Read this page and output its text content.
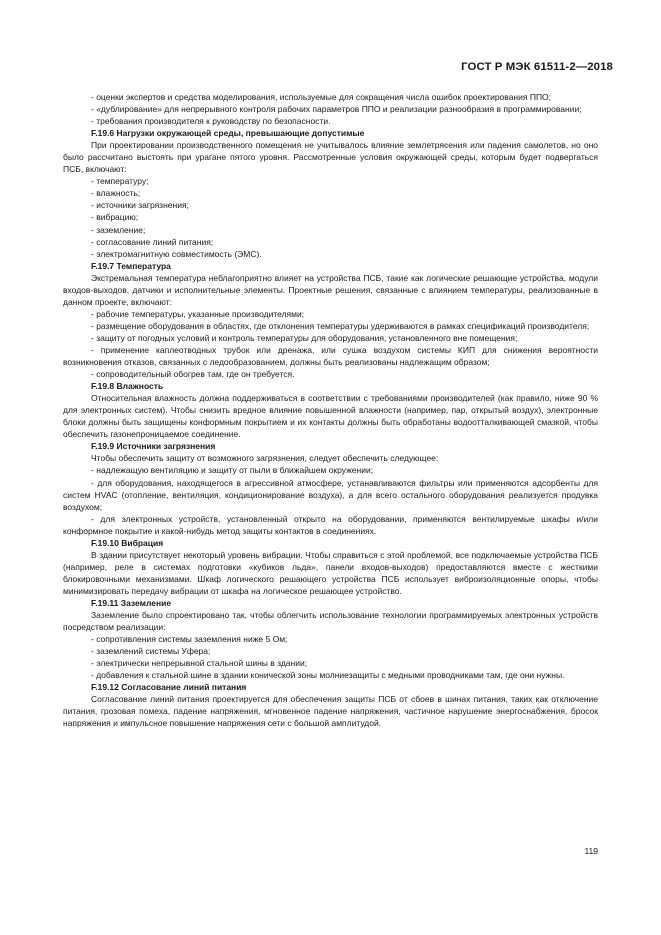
ГОСТ Р МЭК 61511-2—2018

- оценки экспертов и средства моделирования, используемые для сокращения числа ошибок проектирования ППО;

- «дублирование» для непрерывного контроля рабочих параметров ППО и реализации разнообразия в программировании;

- требования производителя к руководству по безопасности.

F.19.6 Нагрузки окружающей среды, превышающие допустимые

При проектировании производственного помещения не учитывалось влияние землетрясения или падения самолетов, но оно было рассчитано выстоять при урагане пятого уровня. Рассмотренные условия окружающей среды, которым будет подвергаться ПСБ, включают:

- температуру;

- влажность;

- источники загрязнения;

- вибрацию;

- заземление;

- согласование линий питания;

- электромагнитную совместимость (ЭМС).

F.19.7 Температура

Экстремальная температура неблагоприятно влияет на устройства ПСБ, такие как логические решающие устройства, модули входов-выходов, датчики и исполнительные элементы. Проектные решения, связанные с влиянием температуры, реализованные в данном проекте, включают:

- рабочие температуры, указанные производителями;

- размещение оборудования в областях, где отклонения температуры удерживаются в рамках спецификаций производителя;

- защиту от погодных условий и контроль температуры для оборудования, установленного вне помещения;

- применение каплеотводных трубок или дренажа, или сушка воздухом системы КИП для снижения вероятности возникновения отказов, связанных с ледообразованием, должны быть реализованы надлежащим образом;

- сопроводительный обогрев там, где он требуется.

F.19.8 Влажность

Относительная влажность должна поддерживаться в соответствии с требованиями производителей (как правило, ниже 90 % для электронных систем). Чтобы снизить вредное влияние повышенной влажности (например, пар, открытый воздух), электронные блоки должны быть защищены конформным покрытием и их контакты должны быть обработаны водоотталкивающей смазкой, чтобы обеспечить газонепроницаемое соединение.

F.19.9 Источники загрязнения

Чтобы обеспечить защиту от возможного загрязнения, следует обеспечить следующее:

- надлежащую вентиляцию и защиту от пыли в ближайшем окружении;

- для оборудования, находящегося в агрессивной атмосфере, устанавливаются фильтры или применяются адсорбенты для систем HVAC (отопление, вентиляция, кондиционирование воздуха), а для всего остального оборудования реализуется продувка воздухом;

- для электронных устройств, установленный открыто на оборудовании, применяются вентилируемые шкафы и/или конформное покрытие и какой-нибудь метод защиты контактов в соединениях.

F.19.10 Вибрация

В здании присутствует некоторый уровень вибрации. Чтобы справиться с этой проблемой, все подключаемые устройства ПСБ (например, реле в системах подготовки «кубиков льда», панели входов-выходов) предоставляются вместе с жесткими блокировочными механизмами. Шкаф логического решающего устройства ПСБ использует виброизоляционные опоры, чтобы минимизировать передачу вибрации от шкафа на логическое решающее устройство.

F.19.11 Заземление

Заземление было спроектировано так, чтобы облегчить использование технологии программируемых электронных устройств посредством реализации:

- сопротивления системы заземления ниже 5 Ом;

- заземлений системы Уфера;

- электрически непрерывной стальной шины в здании;

- добавления к стальной шине в здании конической зоны молниезащиты с медными проводниками там, где они нужны.

F.19.12 Согласование линий питания

Согласование линий питания проектируется для обеспечения защиты ПСБ от сбоев в шинах питания, таких как отключение питания, грозовая помеха, падение напряжения, мгновенное падение напряжения, частичное нарушение энергоснабжения, бросок напряжения и импульсное повышение напряжения сети с большой амплитудой.

119
